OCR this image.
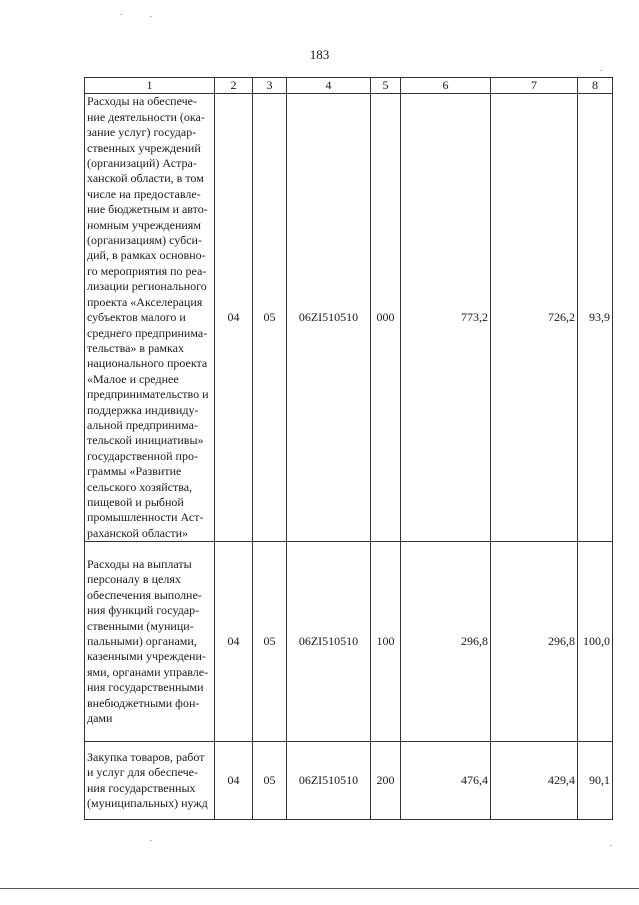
183
1	2	3	4	5	6	7	8
Расходы на обеспече-ние деятельности (ока-зание услуг) государ-ственных учреждений (организаций) Астра-ханской области, в том числе на предоставле-ние бюджетным и авто-номным учреждениям (организациям) субси-дий, в рамках основно-го мероприятия по реа-лизации регионального проекта «Акселерация субъектов малого и среднего предпринима-тельства» в рамках национального проекта «Малое и среднее предпринимательство и поддержка индивиду-альной предпринима-тельской инициативы» государственной про-граммы «Развитие сельского хозяйства, пищевой и рыбной промышленности Аст-раханской области»	04	05	06ZI510510	000	773,2	726,2	93,9
Расходы на выплаты персоналу в целях обеспечения выполне-ния функций государ-ственными (муници-пальными) органами, казенными учреждени-ями, органами управле-ния государственными внебюджетными фон-дами	04	05	06ZI510510	100	296,8	296,8	100,0
Закупка товаров, работ и услуг для обеспече-ния государственных (муниципальных) нужд	04	05	06ZI510510	200	476,4	429,4	90,1
